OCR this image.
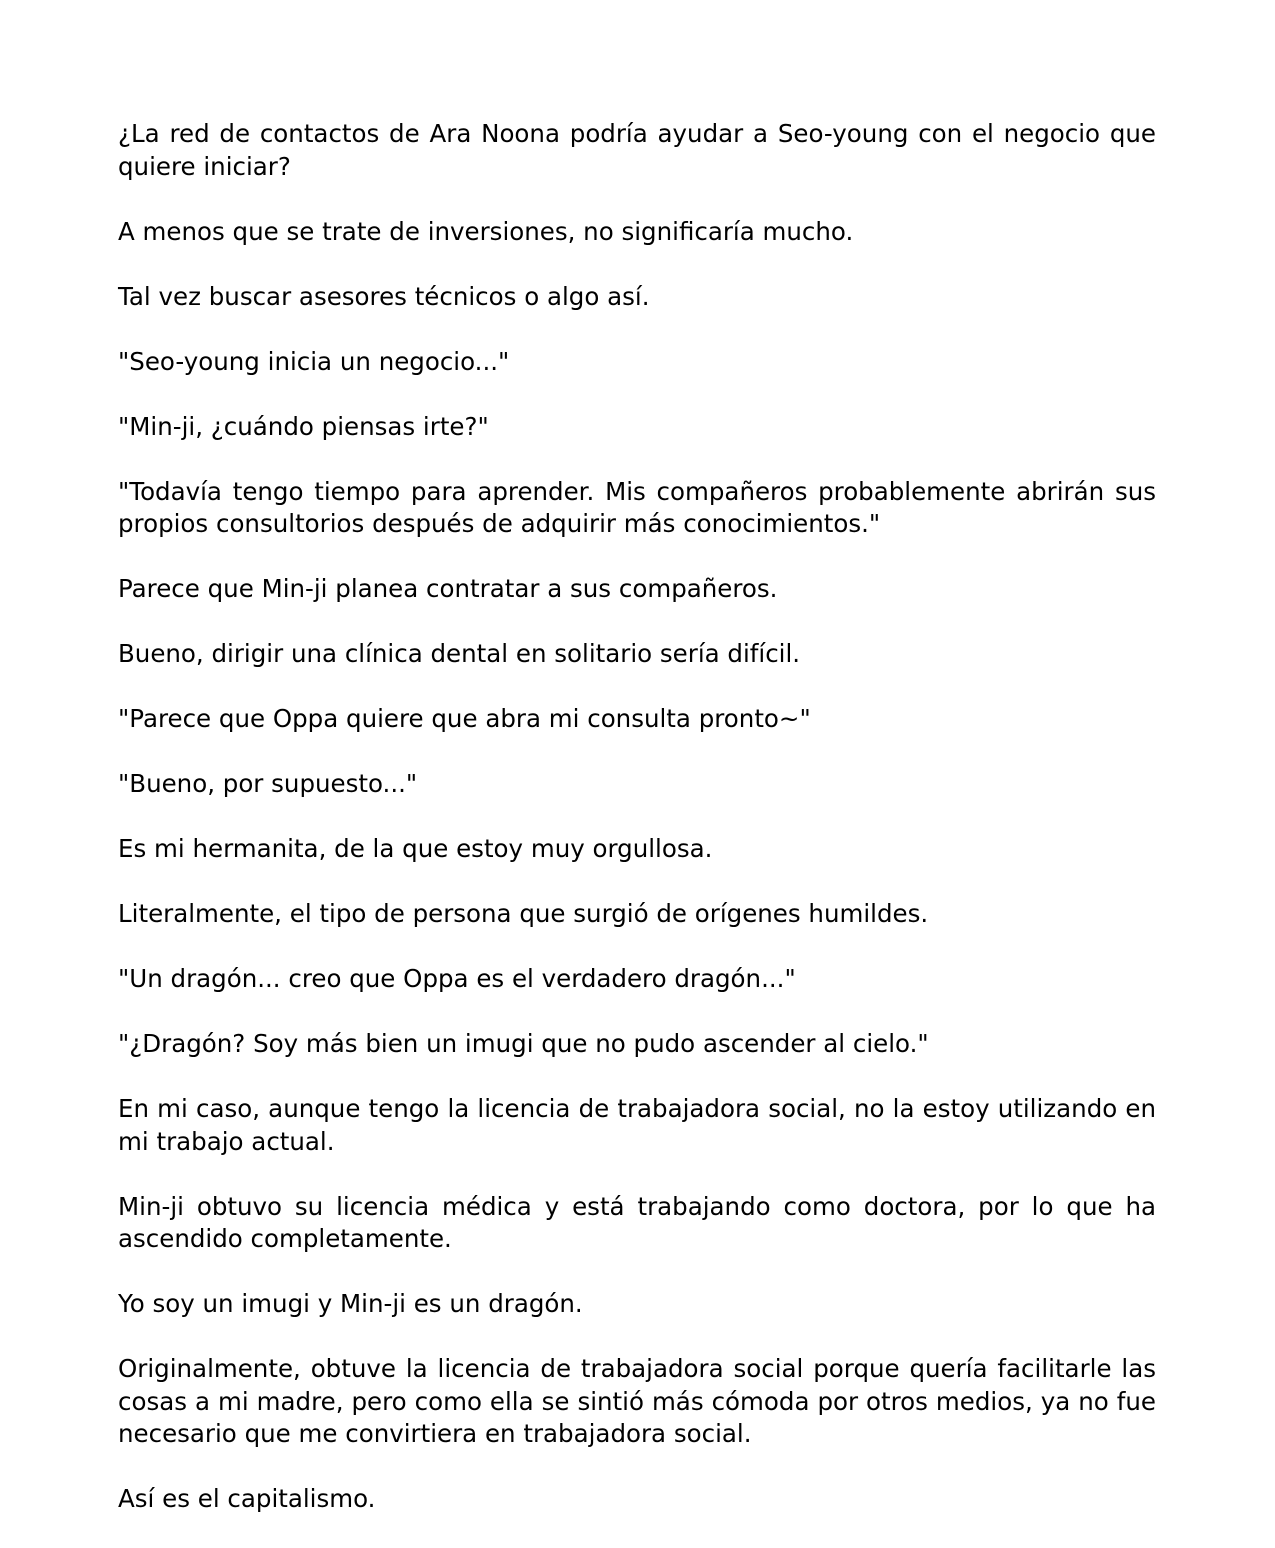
¿La red de contactos de Ara Noona podría ayudar a Seo-young con el negocio que quiere iniciar?

A menos que se trate de inversiones, no significaría mucho.

Tal vez buscar asesores técnicos o algo así.

"Seo-young inicia un negocio..."

"Min-ji, ¿cuándo piensas irte?"

"Todavía tengo tiempo para aprender. Mis compañeros probablemente abrirán sus propios consultorios después de adquirir más conocimientos."

Parece que Min-ji planea contratar a sus compañeros.

Bueno, dirigir una clínica dental en solitario sería difícil.

"Parece que Oppa quiere que abra mi consulta pronto~"

"Bueno, por supuesto..."

Es mi hermanita, de la que estoy muy orgullosa.

Literalmente, el tipo de persona que surgió de orígenes humildes.

"Un dragón... creo que Oppa es el verdadero dragón..."

"¿Dragón? Soy más bien un imugi que no pudo ascender al cielo."

En mi caso, aunque tengo la licencia de trabajadora social, no la estoy utilizando en mi trabajo actual.

Min-ji obtuvo su licencia médica y está trabajando como doctora, por lo que ha ascendido completamente.

Yo soy un imugi y Min-ji es un dragón.

Originalmente, obtuve la licencia de trabajadora social porque quería facilitarle las cosas a mi madre, pero como ella se sintió más cómoda por otros medios, ya no fue necesario que me convirtiera en trabajadora social.

Así es el capitalismo.
